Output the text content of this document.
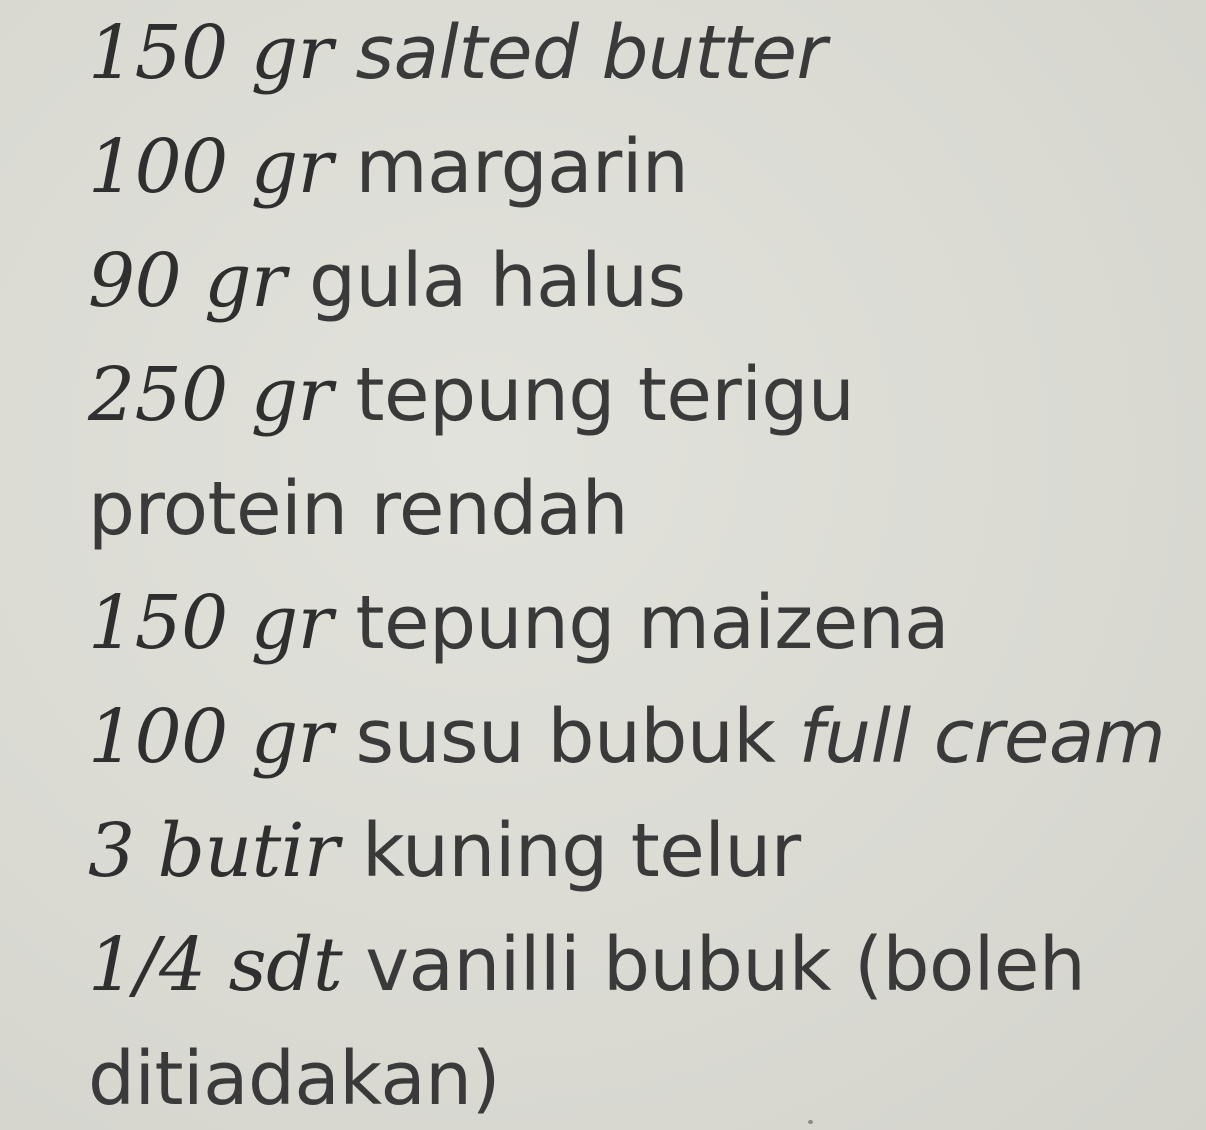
150 gr salted butter
100 gr margarin
90 gr gula halus
250 gr tepung terigu
protein rendah
150 gr tepung maizena
100 gr susu bubuk full cream
3 butir kuning telur
1/4 sdt vanilli bubuk (boleh
ditiadakan)
